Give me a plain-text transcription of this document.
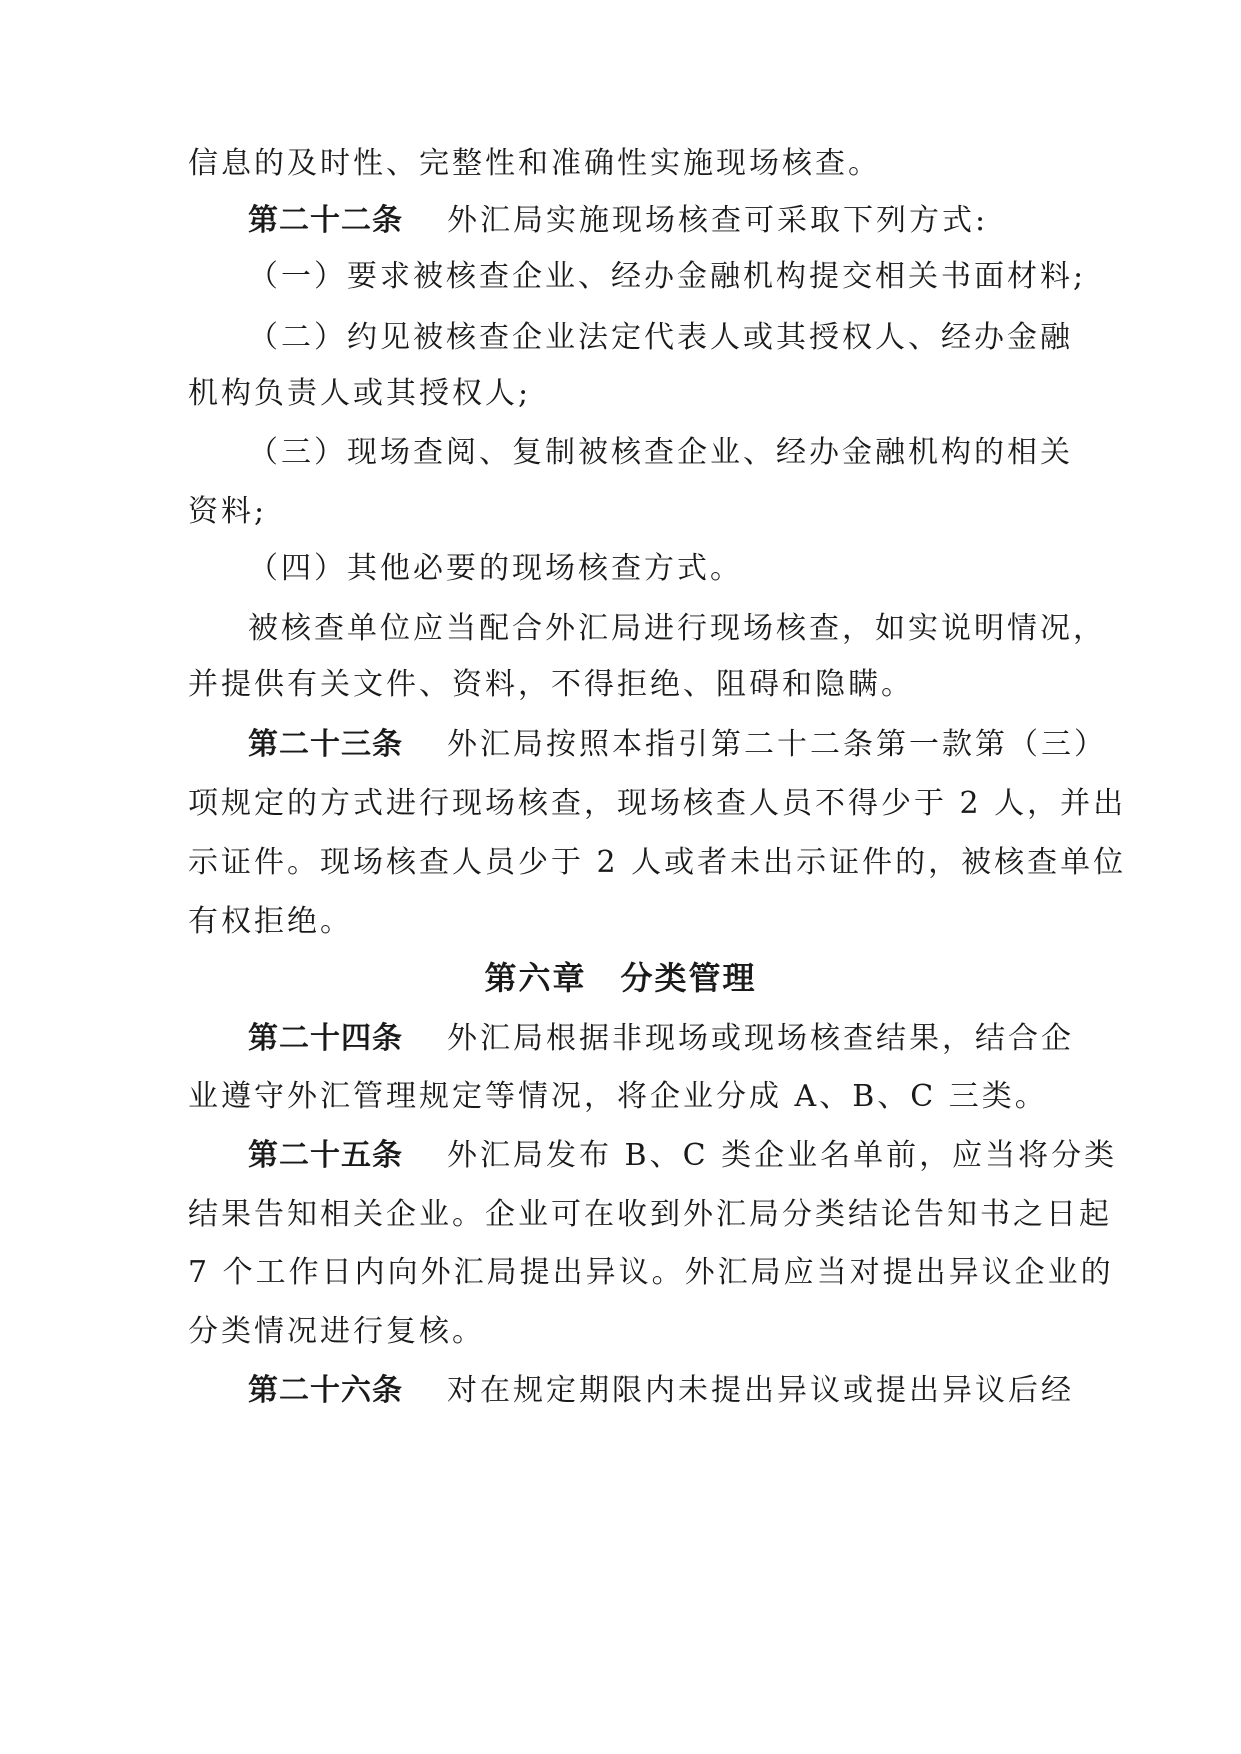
信息的及时性、完整性和准确性实施现场核查。
第二十二条 外汇局实施现场核查可采取下列方式:
（一）要求被核查企业、经办金融机构提交相关书面材料;
（二）约见被核查企业法定代表人或其授权人、经办金融
机构负责人或其授权人;
（三）现场查阅、复制被核查企业、经办金融机构的相关
资料;
（四）其他必要的现场核查方式。
被核查单位应当配合外汇局进行现场核查，如实说明情况，
并提供有关文件、资料，不得拒绝、阻碍和隐瞒。
第二十三条 外汇局按照本指引第二十二条第一款第（三）
项规定的方式进行现场核查，现场核查人员不得少于 2 人，并出
示证件。现场核查人员少于 2 人或者未出示证件的，被核查单位
有权拒绝。
第六章　分类管理
第二十四条 外汇局根据非现场或现场核查结果，结合企
业遵守外汇管理规定等情况，将企业分成 A、B、C 三类。
第二十五条 外汇局发布 B、C 类企业名单前，应当将分类
结果告知相关企业。企业可在收到外汇局分类结论告知书之日起
7 个工作日内向外汇局提出异议。外汇局应当对提出异议企业的
分类情况进行复核。
第二十六条 对在规定期限内未提出异议或提出异议后经
